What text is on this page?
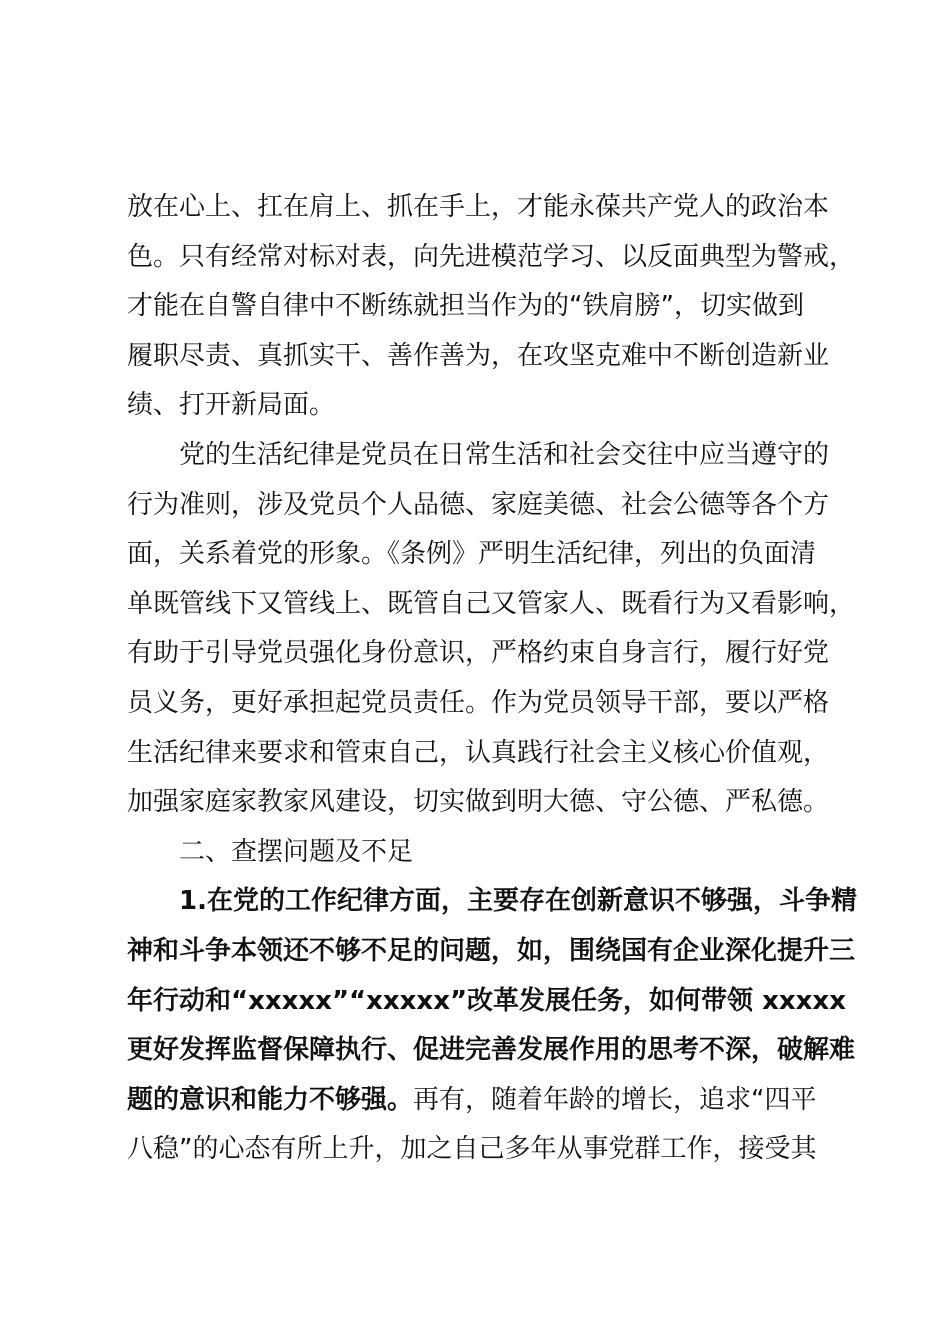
放在心上、扛在肩上、抓在手上，才能永葆共产党人的政治本
色。只有经常对标对表，向先进模范学习、以反面典型为警戒，
才能在自警自律中不断练就担当作为的“铁肩膀”，切实做到
履职尽责、真抓实干、善作善为，在攻坚克难中不断创造新业
绩、打开新局面。
党的生活纪律是党员在日常生活和社会交往中应当遵守的
行为准则，涉及党员个人品德、家庭美德、社会公德等各个方
面，关系着党的形象。《条例》严明生活纪律，列出的负面清
单既管线下又管线上、既管自己又管家人、既看行为又看影响，
有助于引导党员强化身份意识，严格约束自身言行，履行好党
员义务，更好承担起党员责任。作为党员领导干部，要以严格
生活纪律来要求和管束自己，认真践行社会主义核心价值观，
加强家庭家教家风建设，切实做到明大德、守公德、严私德。
二、查摆问题及不足
1.在党的工作纪律方面，主要存在创新意识不够强，斗争精
神和斗争本领还不够不足的问题，如，围绕国有企业深化提升三
年行动和“xxxxx”“xxxxx”改革发展任务，如何带领 xxxxx
更好发挥监督保障执行、促进完善发展作用的思考不深，破解难
题的意识和能力不够强。再有，随着年龄的增长，追求“四平
八稳”的心态有所上升，加之自己多年从事党群工作，接受其
